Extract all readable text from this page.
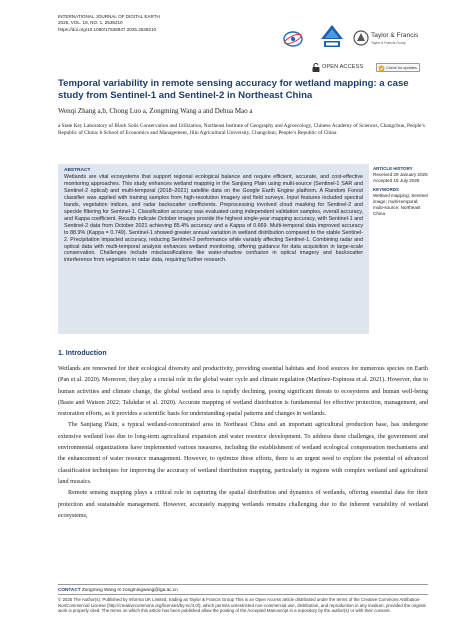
INTERNATIONAL JOURNAL OF DIGITAL EARTH
2025, VOL. 18, NO. 1, 2538210
https://doi.org/10.1080/17538947.2025.2538210
Taylor & Francis
Taylor & Francis Group
OPEN ACCESS	Check for updates
Temporal variability in remote sensing accuracy for wetland mapping: a case study from Sentinel-1 and Sentinel-2 in Northeast China
Wenqi Zhang a,b, Chong Luo a, Zongming Wang a and Dehua Mao a
a State Key Laboratory of Black Soils Conservation and Utilization, Northeast Institute of Geography and Agroecology, Chinese Academy of Sciences, Changchun, People’s Republic of China; b School of Economics and Management, Jilin Agricultural University, Changchun, People’s Republic of China
ABSTRACT
Wetlands are vital ecosystems that support regional ecological balance and require efficient, accurate, and cost-effective monitoring approaches. This study enhances wetland mapping in the Sanjiang Plain using multi-source (Sentinel-1 SAR and Sentinel-2 optical) and multi-temporal (2018–2021) satellite data on the Google Earth Engine platform. A Random Forest classifier was applied with training samples from high-resolution imagery and field surveys. Input features included spectral bands, vegetation indices, and radar backscatter coefficients. Preprocessing involved cloud masking for Sentinel-2 and speckle filtering for Sentinel-1. Classification accuracy was evaluated using independent validation samples, overall accuracy, and Kappa coefficient. Results indicate October images provide the highest single-year mapping accuracy, with Sentinel-1 and Sentinel-2 data from October 2021 achieving 85.4% accuracy and a Kappa of 0.669. Multi-temporal data improved accuracy to 88.9% (Kappa = 0.749). Sentinel-1 showed greater annual variation in wetland distribution compared to the stable Sentinel-2. Precipitation impacted accuracy, reducing Sentinel-2 performance while variably affecting Sentinel-1. Combining radar and optical data with multi-temporal analysis enhances wetland monitoring, offering guidance for data acquisition in large-scale conservation. Challenges include misclassifications like water-shadow confusion in optical imagery and backscatter interference from vegetation in radar data, requiring further research.
ARTICLE HISTORY
Received 29 January 2025
Accepted 15 July 2025
KEYWORDS
Wetland mapping; Sentinel
image; multi-temporal;
multi-source; Northeast
China
1. Introduction

Wetlands are renowned for their ecological diversity and productivity, providing essential habitats and food sources for numerous species on Earth (Pan et al. 2020). Moreover, they play a crucial role in the global water cycle and climate regulation (Martínez-Espinosa et al. 2021). However, due to human activities and climate change, the global wetland area is rapidly declining, posing significant threats to ecosystems and human well-being (Baste and Watson 2022; Talukdar et al. 2020). Accurate mapping of wetland distribution is fundamental for effective protection, management, and restoration efforts, as it provides a scientific basis for understanding spatial patterns and changes in wetlands.

The Sanjiang Plain, a typical wetland-concentrated area in Northeast China and an important agricultural production base, has undergone extensive wetland loss due to long-term agricultural expansion and water resource development. To address these challenges, the government and environmental organizations have implemented various measures, including the establishment of wetland ecological compensation mechanisms and the enhancement of water resource management. However, to optimize these efforts, there is an urgent need to explore the potential of advanced classification techniques for improving the accuracy of wetland distribution mapping, particularly in regions with complex wetland and agricultural land mosaics.

Remote sensing mapping plays a critical role in capturing the spatial distribution and dynamics of wetlands, offering essential data for their protection and sustainable management. However, accurately mapping wetlands remains challenging due to the inherent variability of wetland ecosystems,

CONTACT Zongming Wang ✉ zongmingwang@iga.ac.cn
© 2025 The Author(s). Published by Informa UK Limited, trading as Taylor & Francis Group This is an Open Access article distributed under the terms of the Creative Commons Attribution-NonCommercial License (http://creativecommons.org/licenses/by-nc/4.0/), which permits unrestricted non-commercial use, distribution, and reproduction in any medium, provided the original work is properly cited. The terms on which this article has been published allow the posting of the Accepted Manuscript in a repository by the author(s) or with their consent.
